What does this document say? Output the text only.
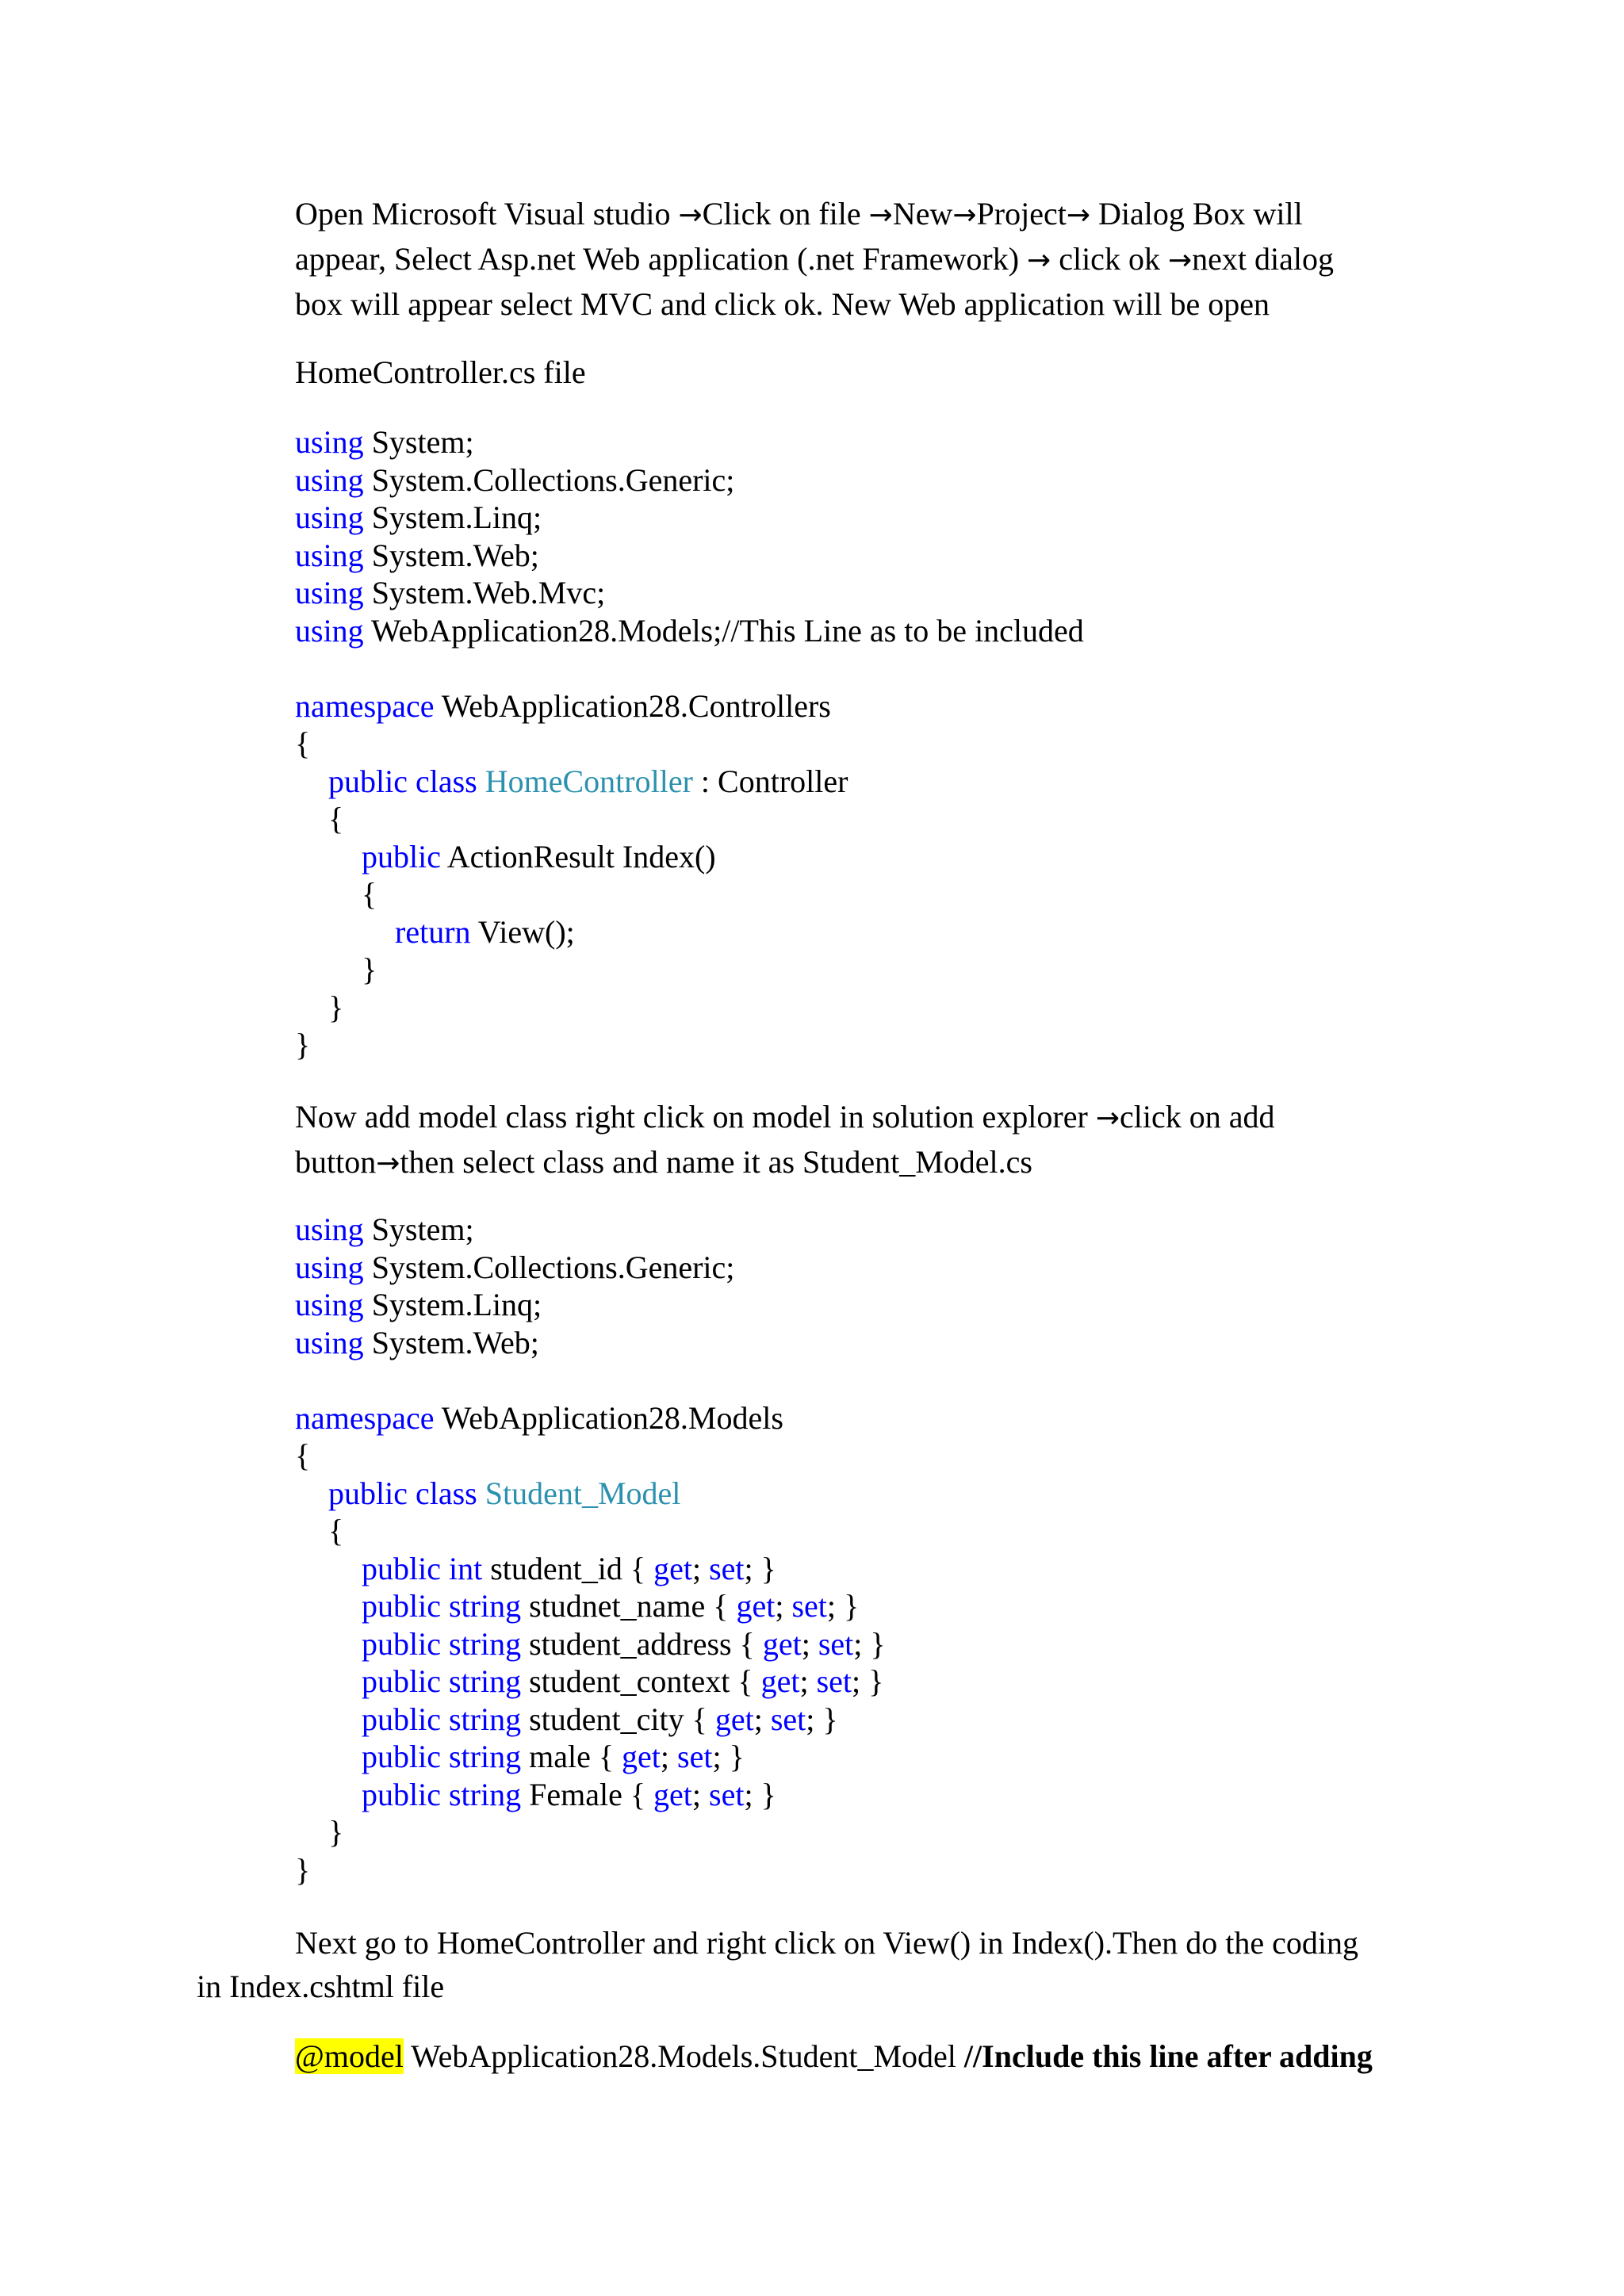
Open Microsoft Visual studio →Click on file →New→Project→ Dialog Box will
appear, Select Asp.net Web application (.net Framework) → click ok →next dialog
box will appear select MVC and click ok. New Web application will be open
HomeController.cs file
using System;
using System.Collections.Generic;
using System.Linq;
using System.Web;
using System.Web.Mvc;
using WebApplication28.Models;//This Line as to be included
namespace WebApplication28.Controllers
{
public class HomeController : Controller
{
public ActionResult Index()
{
return View();
}
}
}
Now add model class right click on model in solution explorer →click on add
button→then select class and name it as Student_Model.cs
using System;
using System.Collections.Generic;
using System.Linq;
using System.Web;
namespace WebApplication28.Models
{
public class Student_Model
{
public int student_id { get; set; }
public string studnet_name { get; set; }
public string student_address { get; set; }
public string student_context { get; set; }
public string student_city { get; set; }
public string male { get; set; }
public string Female { get; set; }
}
}
Next go to HomeController and right click on View() in Index().Then do the coding
in Index.cshtml file
@model WebApplication28.Models.Student_Model //Include this line after adding
